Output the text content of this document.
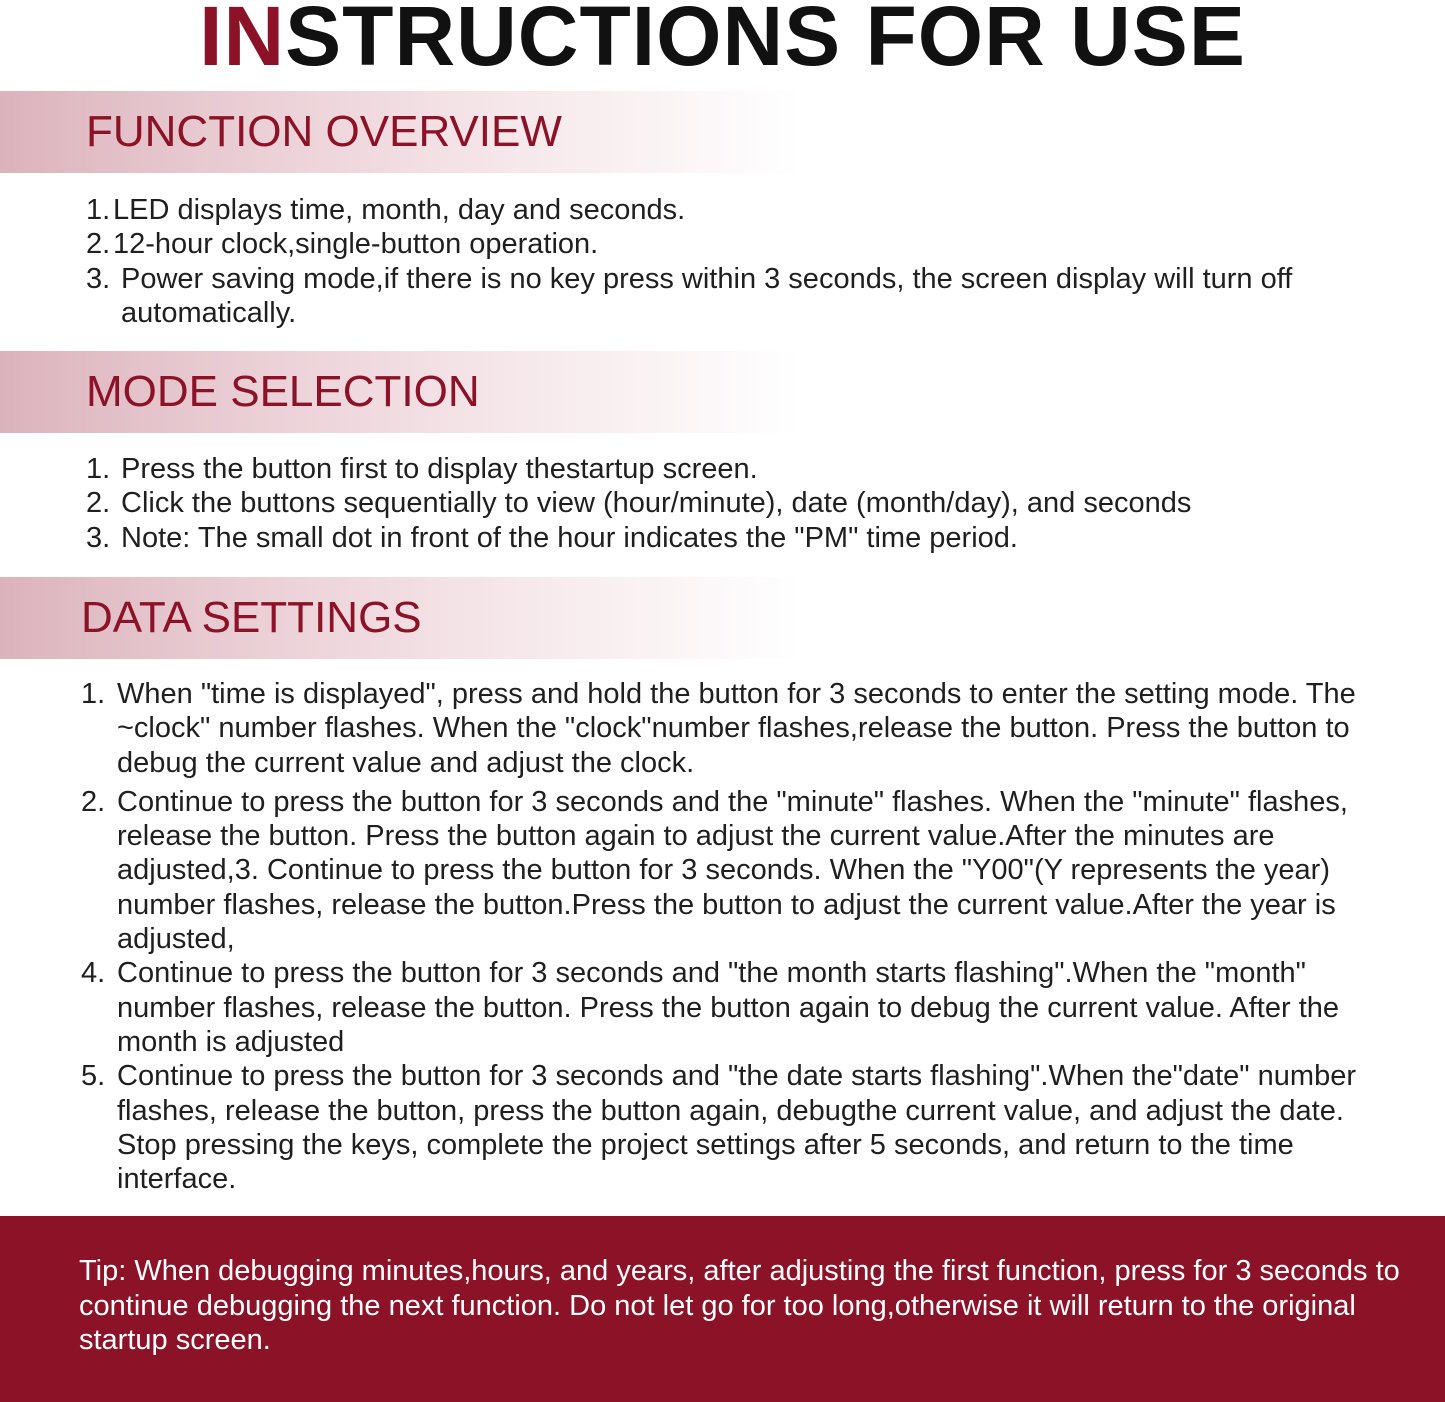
INSTRUCTIONS FOR USE
FUNCTION OVERVIEW
1. LED displays time, month, day and seconds.
2. 12-hour clock,single-button operation.
3. Power saving mode,if there is no key press within 3 seconds, the screen display will turn off automatically.
MODE SELECTION
1. Press the button first to display thestartup screen.
2. Click the buttons sequentially to view (hour/minute), date (month/day), and seconds
3. Note: The small dot in front of the hour indicates the "PM" time period.
DATA SETTINGS
1. When "time is displayed", press and hold the button for 3 seconds to enter the setting mode. The ~clock" number flashes. When the "clock"number flashes,release the button. Press the button to debug the current value and adjust the clock.
2. Continue to press the button for 3 seconds and the "minute" flashes. When the "minute" flashes, release the button. Press the button again to adjust the current value.After the minutes are adjusted,3. Continue to press the button for 3 seconds. When the "Y00"(Y represents the year) number flashes, release the button.Press the button to adjust the current value.After the year is adjusted,
4. Continue to press the button for 3 seconds and "the month starts flashing".When the "month" number flashes, release the button. Press the button again to debug the current value. After the month is adjusted
5. Continue to press the button for 3 seconds and "the date starts flashing".When the"date" number flashes, release the button, press the button again, debugthe current value, and adjust the date. Stop pressing the keys, complete the project settings after 5 seconds, and return to the time interface.
Tip: When debugging minutes,hours, and years, after adjusting the first function, press for 3 seconds to continue debugging the next function. Do not let go for too long,otherwise it will return to the original startup screen.
